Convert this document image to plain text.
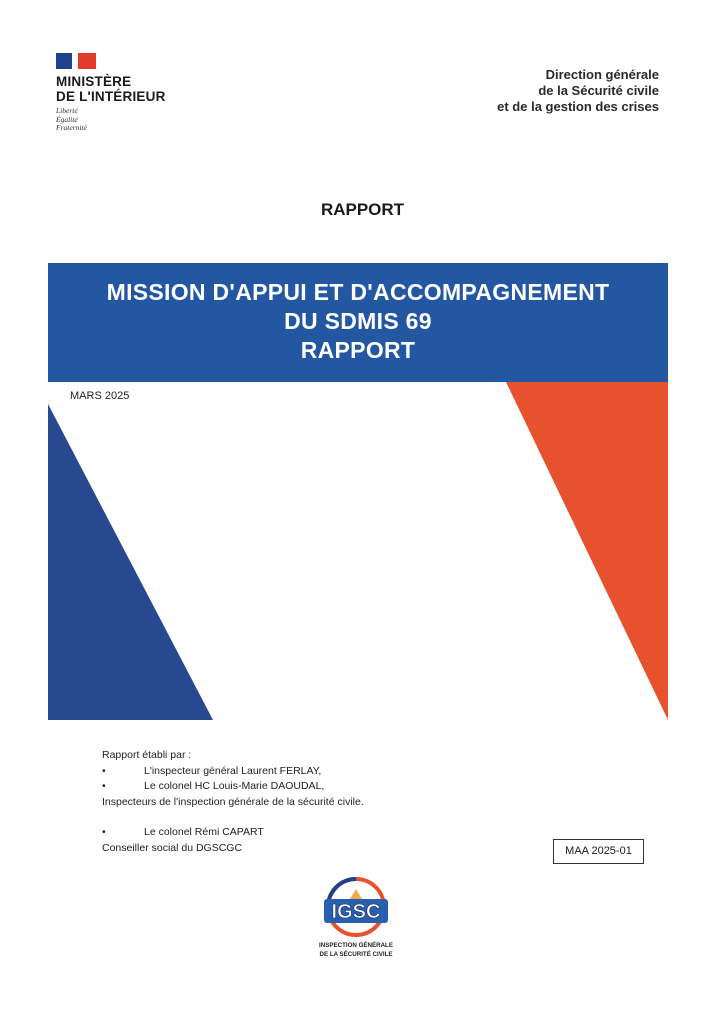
MINISTÈRE
DE L'INTÉRIEUR
Liberté
Égalité
Fraternité
Direction générale
de la Sécurité civile
et de la gestion des crises
RAPPORT
MISSION D'APPUI ET D'ACCOMPAGNEMENT
DU SDMIS 69
RAPPORT
MARS 2025
Rapport établi par :
•	L'inspecteur général Laurent FERLAY,
•	Le colonel HC Louis-Marie DAOUDAL,
Inspecteurs de l'inspection générale de la sécurité civile.
•	Le colonel Rémi CAPART
Conseiller social du DGSCGC	MAA 2025-01
IGSC
INSPECTION GÉNÉRALE
DE LA SÉCURITÉ CIVILE
